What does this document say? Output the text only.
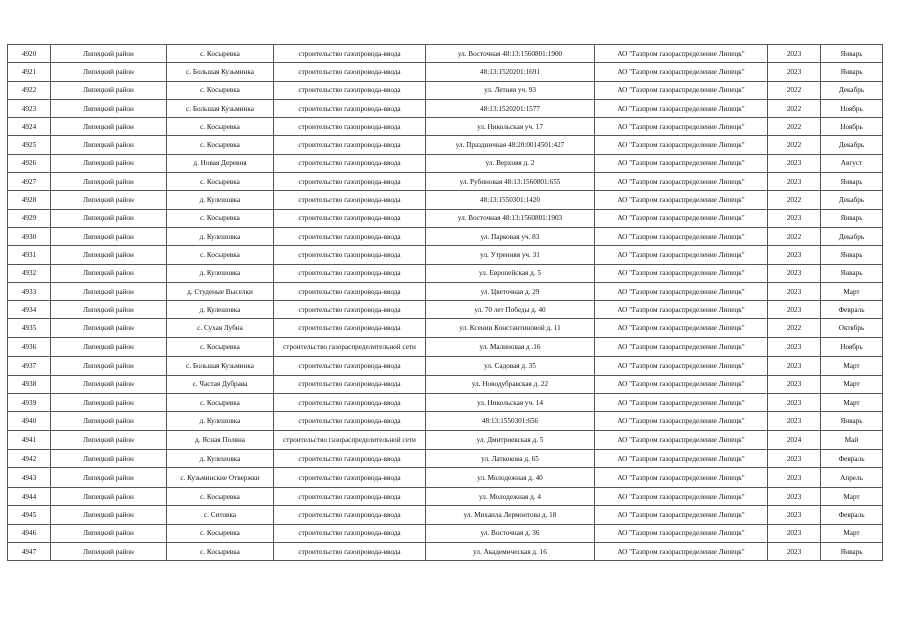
4920	Липецкий район	с. Косыревка	строительство газопровода-ввода	ул. Восточная 48:13:1560801:1900	АО "Газпром газораспределение Липецк"	2023	Январь
4921	Липецкий район	с. Большая Кузьминка	строительство газопровода-ввода	48:13:1520201:1691	АО "Газпром газораспределение Липецк"	2023	Январь
4922	Липецкий район	с. Косыревка	строительство газопровода-ввода	ул. Летняя уч. 93	АО "Газпром газораспределение Липецк"	2022	Декабрь
4923	Липецкий район	с. Большая Кузьминка	строительство газопровода-ввода	48:13:1520201:1577	АО "Газпром газораспределение Липецк"	2022	Ноябрь
4924	Липецкий район	с. Косыревка	строительство газопровода-ввода	ул. Никольская уч. 17	АО "Газпром газораспределение Липецк"	2022	Ноябрь
4925	Липецкий район	с. Косыревка	строительство газопровода-ввода	ул. Праздничная 48:20:0014501:427	АО "Газпром газораспределение Липецк"	2022	Декабрь
4926	Липецкий район	д. Новая Деревня	строительство газопровода-ввода	ул. Верхняя д. 2	АО "Газпром газораспределение Липецк"	2023	Август
4927	Липецкий район	с. Косыревка	строительство газопровода-ввода	ул. Рубиновая 48:13:1560801:655	АО "Газпром газораспределение Липецк"	2023	Январь
4928	Липецкий район	д. Кулешовка	строительство газопровода-ввода	48:13:1550301:1420	АО "Газпром газораспределение Липецк"	2022	Декабрь
4929	Липецкий район	с. Косыревка	строительство газопровода-ввода	ул. Восточная 48:13:1560801:1903	АО "Газпром газораспределение Липецк"	2023	Январь
4930	Липецкий район	д. Кулешовка	строительство газопровода-ввода	ул. Парковая уч. 83	АО "Газпром газораспределение Липецк"	2022	Декабрь
4931	Липецкий район	с. Косыревка	строительство газопровода-ввода	ул. Утренняя уч. 31	АО "Газпром газораспределение Липецк"	2023	Январь
4932	Липецкий район	д. Кулешовка	строительство газопровода-ввода	ул. Европейская д. 5	АО "Газпром газораспределение Липецк"	2023	Январь
4933	Липецкий район	д. Студеные Выселки	строительство газопровода-ввода	ул. Цветочная д. 29	АО "Газпром газораспределение Липецк"	2023	Март
4934	Липецкий район	д. Кулешовка	строительство газопровода-ввода	ул. 70 лет Победы д. 40	АО "Газпром газораспределение Липецк"	2023	Февраль
4935	Липецкий район	с. Сухая Лубна	строительство газопровода-ввода	ул. Ксении Константиновой д. 11	АО "Газпром газораспределение Липецк"	2022	Октябрь
4936	Липецкий район	с. Косыревка	строительство газораспределительной сети	ул. Малиновая д .16	АО "Газпром газораспределение Липецк"	2023	Ноябрь
4937	Липецкий район	с. Большая Кузьминка	строительство газопровода-ввода	ул. Садовая д. 35	АО "Газпром газораспределение Липецк"	2023	Март
4938	Липецкий район	с. Частая Дубрава	строительство газопровода-ввода	ул. Новодубравская д. 22	АО "Газпром газораспределение Липецк"	2023	Март
4939	Липецкий район	с. Косыревка	строительство газопровода-ввода	ул. Никольская уч. 14	АО "Газпром газораспределение Липецк"	2023	Март
4940	Липецкий район	д. Кулешовка	строительство газопровода-ввода	48:13:1550301:656	АО "Газпром газораспределение Липецк"	2023	Январь
4941	Липецкий район	д. Ясная Поляна	строительство газораспределительной сети	ул. Дмитриевская д. 5	АО "Газпром газораспределение Липецк"	2024	Май
4942	Липецкий район	д. Кулешовка	строительство газопровода-ввода	ул. Латкокова д. 65	АО "Газпром газораспределение Липецк"	2023	Февраль
4943	Липецкий район	с. Кузьминские Отвержки	строительство газопровода-ввода	ул. Молодежная д. 40	АО "Газпром газораспределение Липецк"	2023	Апрель
4944	Липецкий район	с. Косыревка	строительство газопровода-ввода	ул. Молодежная д. 4	АО "Газпром газораспределение Липецк"	2023	Март
4945	Липецкий район	с. Ситовка	строительство газопровода-ввода	ул. Михаила Лермонтова д. 18	АО "Газпром газораспределение Липецк"	2023	Февраль
4946	Липецкий район	с. Косыревка	строительство газопровода-ввода	ул. Восточная д. 36	АО "Газпром газораспределение Липецк"	2023	Март
4947	Липецкий район	с. Косыревка	строительство газопровода-ввода	ул. Академическая д. 16	АО "Газпром газораспределение Липецк"	2023	Январь
